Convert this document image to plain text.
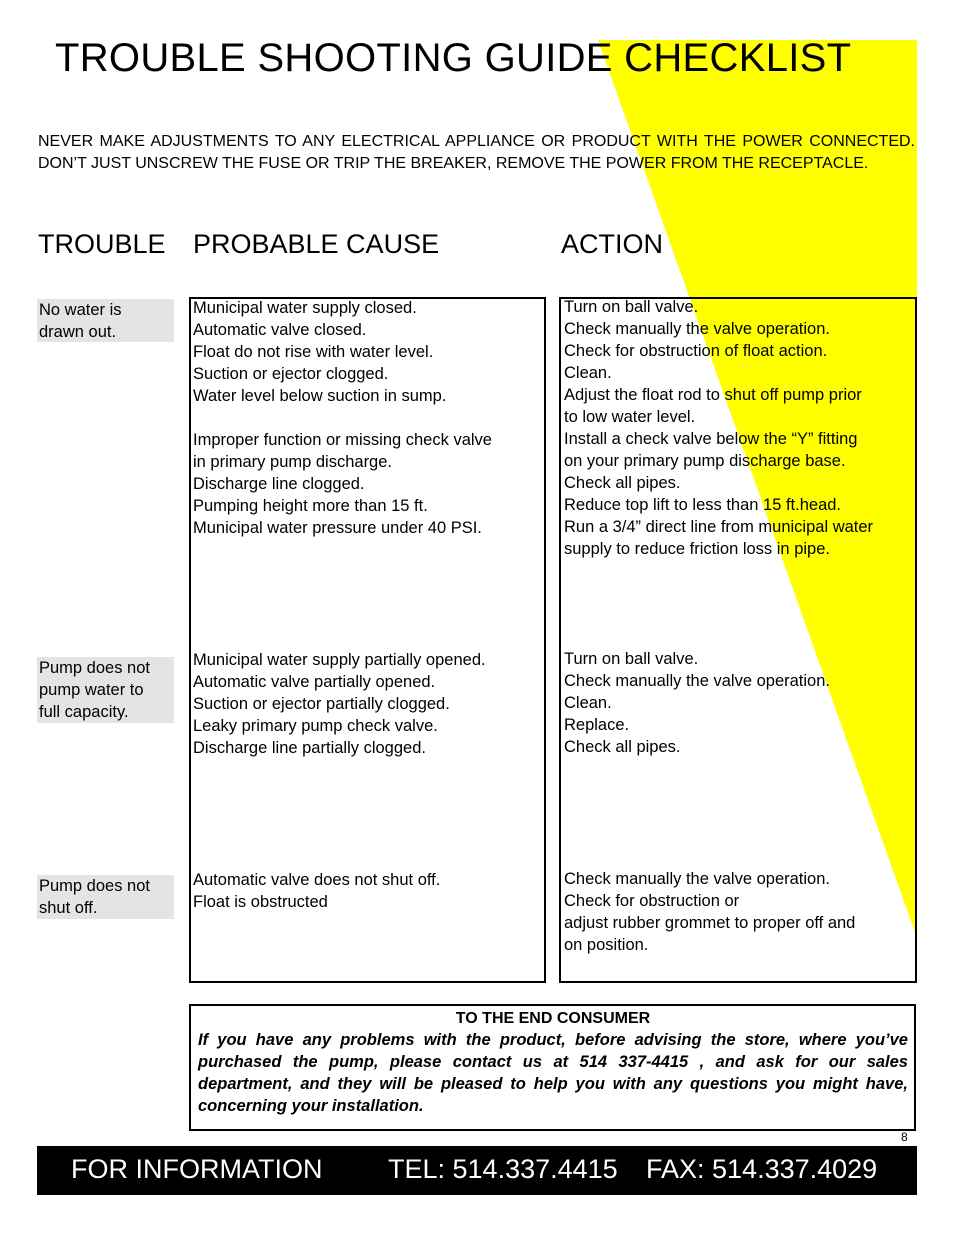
TROUBLE SHOOTING GUIDE CHECKLIST
NEVER MAKE ADJUSTMENTS TO ANY ELECTRICAL APPLIANCE OR PRODUCT WITH THE POWER CONNECTED. DON’T JUST UNSCREW THE FUSE OR TRIP THE BREAKER, REMOVE THE POWER FROM THE RECEPTACLE.
TROUBLE PROBABLE CAUSE	ACTION
No water is
drawn out.
Municipal water supply closed.
Automatic valve closed.
Float do not rise with water level.
Suction or ejector clogged.
Water level below suction in sump.
Improper function or missing check valve
in primary pump discharge.
Discharge line clogged.
Pumping height more than 15 ft.
Municipal water pressure under 40 PSI.
Turn on ball valve.
Check manually the valve operation.
Check for obstruction of float action.
Clean.
Adjust the float rod to shut off pump prior
to low water level.
Install a check valve below the “Y” fitting
on your primary pump discharge base.
Check all pipes.
Reduce top lift to less than 15 ft.head.
Run a 3/4” direct line from municipal water
supply to reduce friction loss in pipe.
Pump does not
pump water to
full capacity.
Municipal water supply partially opened.
Automatic valve partially opened.
Suction or ejector partially clogged.
Leaky primary pump check valve.
Discharge line partially clogged.
Turn on ball valve.
Check manually the valve operation.
Clean.
Replace.
Check all pipes.
Pump does not
shut off.
Automatic valve does not shut off.
Float is obstructed
Check manually the valve operation.
Check for obstruction or
adjust rubber grommet to proper off and
on position.
TO THE END CONSUMER
If you have any problems with the product, before advising the store, where you’ve purchased the pump, please contact us at 514 337-4415 , and ask for our sales department, and they will be pleased to help you with any questions you might have, concerning your installation.
8
FOR INFORMATION TEL: 514.337.4415 FAX: 514.337.4029
